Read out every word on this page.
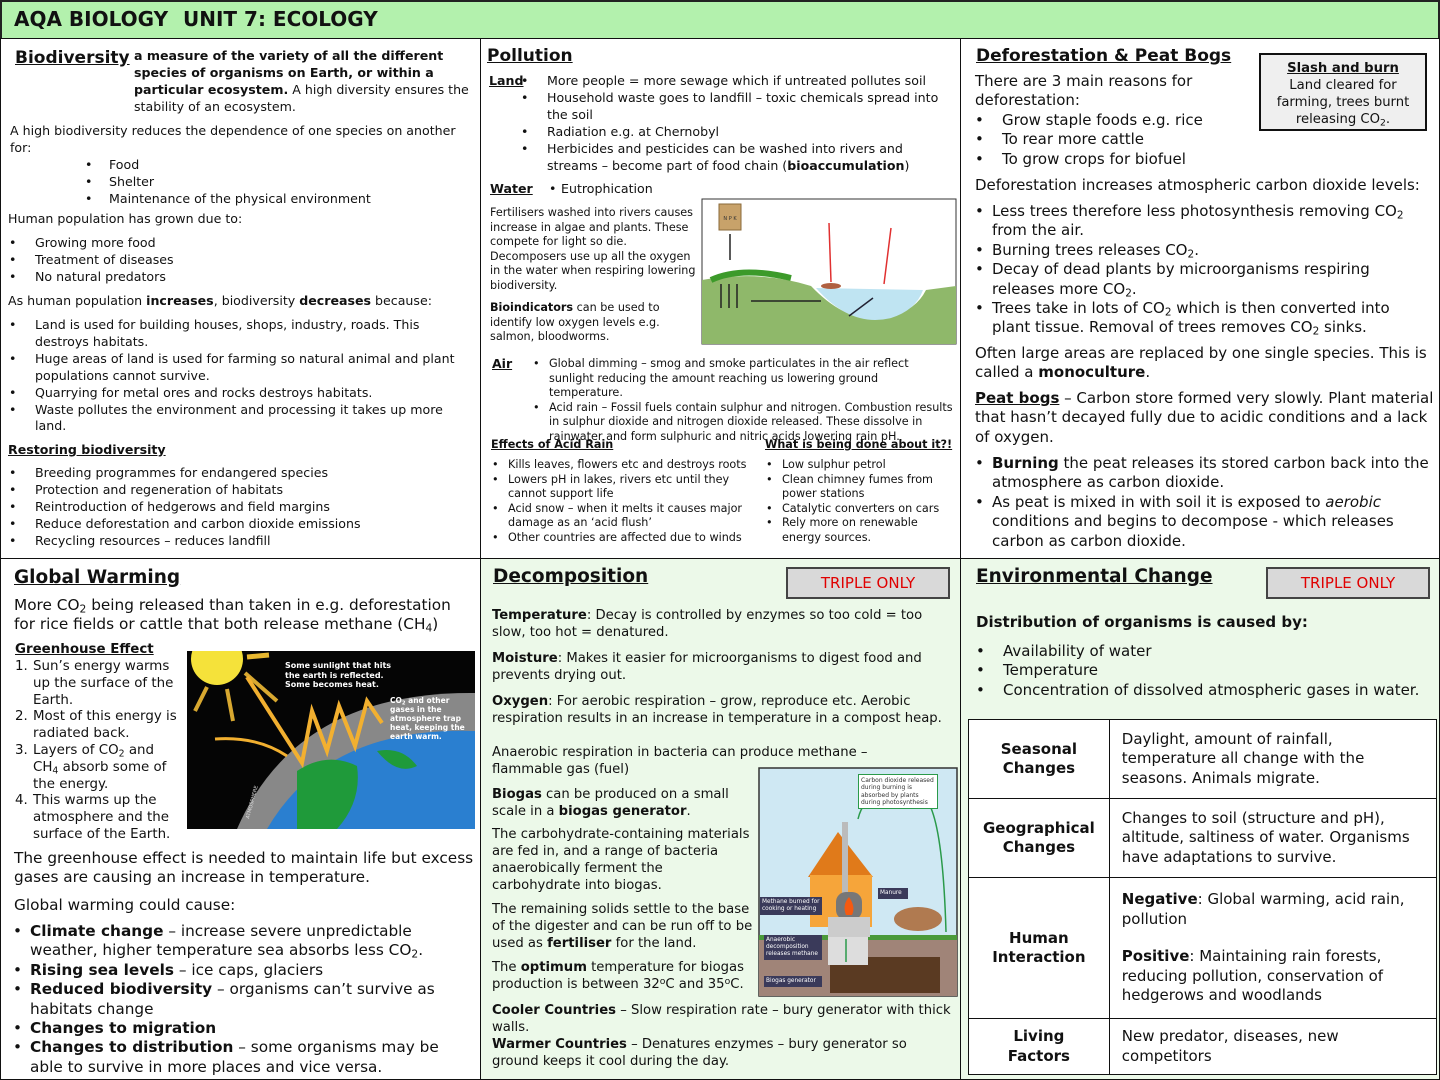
AQA BIOLOGY UNIT 7: ECOLOGY
Biodiversity a measure of the variety of all the different species of organisms on Earth, or within a particular ecosystem. A high diversity ensures the stability of an ecosystem.
A high biodiversity reduces the dependence of one species on another for:
• Food
• Shelter
• Maintenance of the physical environment
Human population has grown due to:
• Growing more food
• Treatment of diseases
• No natural predators
As human population increases, biodiversity decreases because:
• Land is used for building houses, shops, industry, roads. This destroys habitats.
• Huge areas of land is used for farming so natural animal and plant populations cannot survive.
• Quarrying for metal ores and rocks destroys habitats.
• Waste pollutes the environment and processing it takes up more land.
Restoring biodiversity
• Breeding programmes for endangered species
• Protection and regeneration of habitats
• Reintroduction of hedgerows and field margins
• Reduce deforestation and carbon dioxide emissions
• Recycling resources – reduces landfill
Pollution
Land • More people = more sewage which if untreated pollutes soil
• Household waste goes to landfill – toxic chemicals spread into the soil
• Radiation e.g. at Chernobyl
• Herbicides and pesticides can be washed into rivers and streams – become part of food chain (bioaccumulation)
Water • Eutrophication
Fertilisers washed into rivers causes increase in algae and plants. These compete for light so die. Decomposers use up all the oxygen in the water when respiring lowering biodiversity.
Bioindicators can be used to identify low oxygen levels e.g. salmon, bloodworms.
N P K
Air	• Global dimming – smog and smoke particulates in the air reflect sunlight reducing the amount reaching us lowering ground temperature.
• Acid rain – Fossil fuels contain sulphur and nitrogen. Combustion results in sulphur dioxide and nitrogen dioxide released. These dissolve in rainwater and form sulphuric and nitric acids lowering rain pH.
Effects of Acid Rain
• Kills leaves, flowers etc and destroys roots
• Lowers pH in lakes, rivers etc until they cannot support life
• Acid snow – when it melts it causes major damage as an ‘acid flush’
• Other countries are affected due to winds
What is being done about it?!
• Low sulphur petrol
• Clean chimney fumes from power stations
• Catalytic converters on cars
• Rely more on renewable energy sources.
Deforestation & Peat Bogs
Slash and burn
Land cleared for farming, trees burnt releasing $CO_2$.
There are 3 main reasons for deforestation:
• Grow staple foods e.g. rice
• To rear more cattle
• To grow crops for biofuel
Deforestation increases atmospheric carbon dioxide levels:
• Less trees therefore less photosynthesis removing $CO_2$ from the air.
• Burning trees releases $CO_2$.
• Decay of dead plants by microorganisms respiring releases more $CO_2$.
• Trees take in lots of $CO_2$ which is then converted into plant tissue. Removal of trees removes $CO_2$ sinks.
Often large areas are replaced by one single species. This is called a monoculture.
Peat bogs – Carbon store formed very slowly. Plant material that hasn’t decayed fully due to acidic conditions and a lack of oxygen.
• Burning the peat releases its stored carbon back into the atmosphere as carbon dioxide.
• As peat is mixed in with soil it is exposed to aerobic conditions and begins to decompose - which releases carbon as carbon dioxide.
Global Warming
More $CO_2$ being released than taken in e.g. deforestation for rice fields or cattle that both release methane $(CH_4)$
Greenhouse Effect
1. Sun’s energy warms up the surface of the Earth.
2. Most of this energy is radiated back.
3. Layers of $CO_2$ and $CH_4$ absorb some of the energy.
4. This warms up the atmosphere and the surface of the Earth.
Some sunlight that hits the earth is reflected. Some becomes heat.
$CO_2$ and other gases in the atmosphere trap heat, keeping the earth warm.
ATMOSPHERE
The greenhouse effect is needed to maintain life but excess gases are causing an increase in temperature.
Global warming could cause:
• Climate change – increase severe unpredictable weather, higher temperature sea absorbs less $CO_2$.
• Rising sea levels – ice caps, glaciers
• Reduced biodiversity – organisms can’t survive as habitats change
• Changes to migration
• Changes to distribution – some organisms may be able to survive in more places and vice versa.
Decomposition	TRIPLE ONLY
Temperature: Decay is controlled by enzymes so too cold = too slow, too hot = denatured.
Moisture: Makes it easier for microorganisms to digest food and prevents drying out.
Oxygen: For aerobic respiration – grow, reproduce etc. Aerobic respiration results in an increase in temperature in a compost heap.
Anaerobic respiration in bacteria can produce methane – flammable gas (fuel)
Biogas can be produced on a small scale in a biogas generator.
The carbohydrate-containing materials are fed in, and a range of bacteria anaerobically ferment the carbohydrate into biogas.
The remaining solids settle to the base of the digester and can be run off to be used as fertiliser for the land.
The optimum temperature for biogas production is between 32$^o$C and 35$^o$C.
Cooler Countries – Slow respiration rate – bury generator with thick walls.
Warmer Countries – Denatures enzymes – bury generator so ground keeps it cool during the day.
Carbon dioxide released during burning is absorbed by plants during photosynthesis
Methane burned for cooking or heating
Manure
Anaerobic decomposition releases methane
Biogas generator
Environmental Change	TRIPLE ONLY
Distribution of organisms is caused by:
• Availability of water
• Temperature
• Concentration of dissolved atmospheric gases in water.
Seasonal Changes	Daylight, amount of rainfall, temperature all change with the seasons. Animals migrate.

Geographical Changes	Changes to soil (structure and pH), altitude, saltiness of water. Organisms have adaptations to survive.

Human Interaction	Negative: Global warming, acid rain, pollution
Positive: Maintaining rain forests, reducing pollution, conservation of hedgerows and woodlands

Living Factors	New predator, diseases, new competitors
